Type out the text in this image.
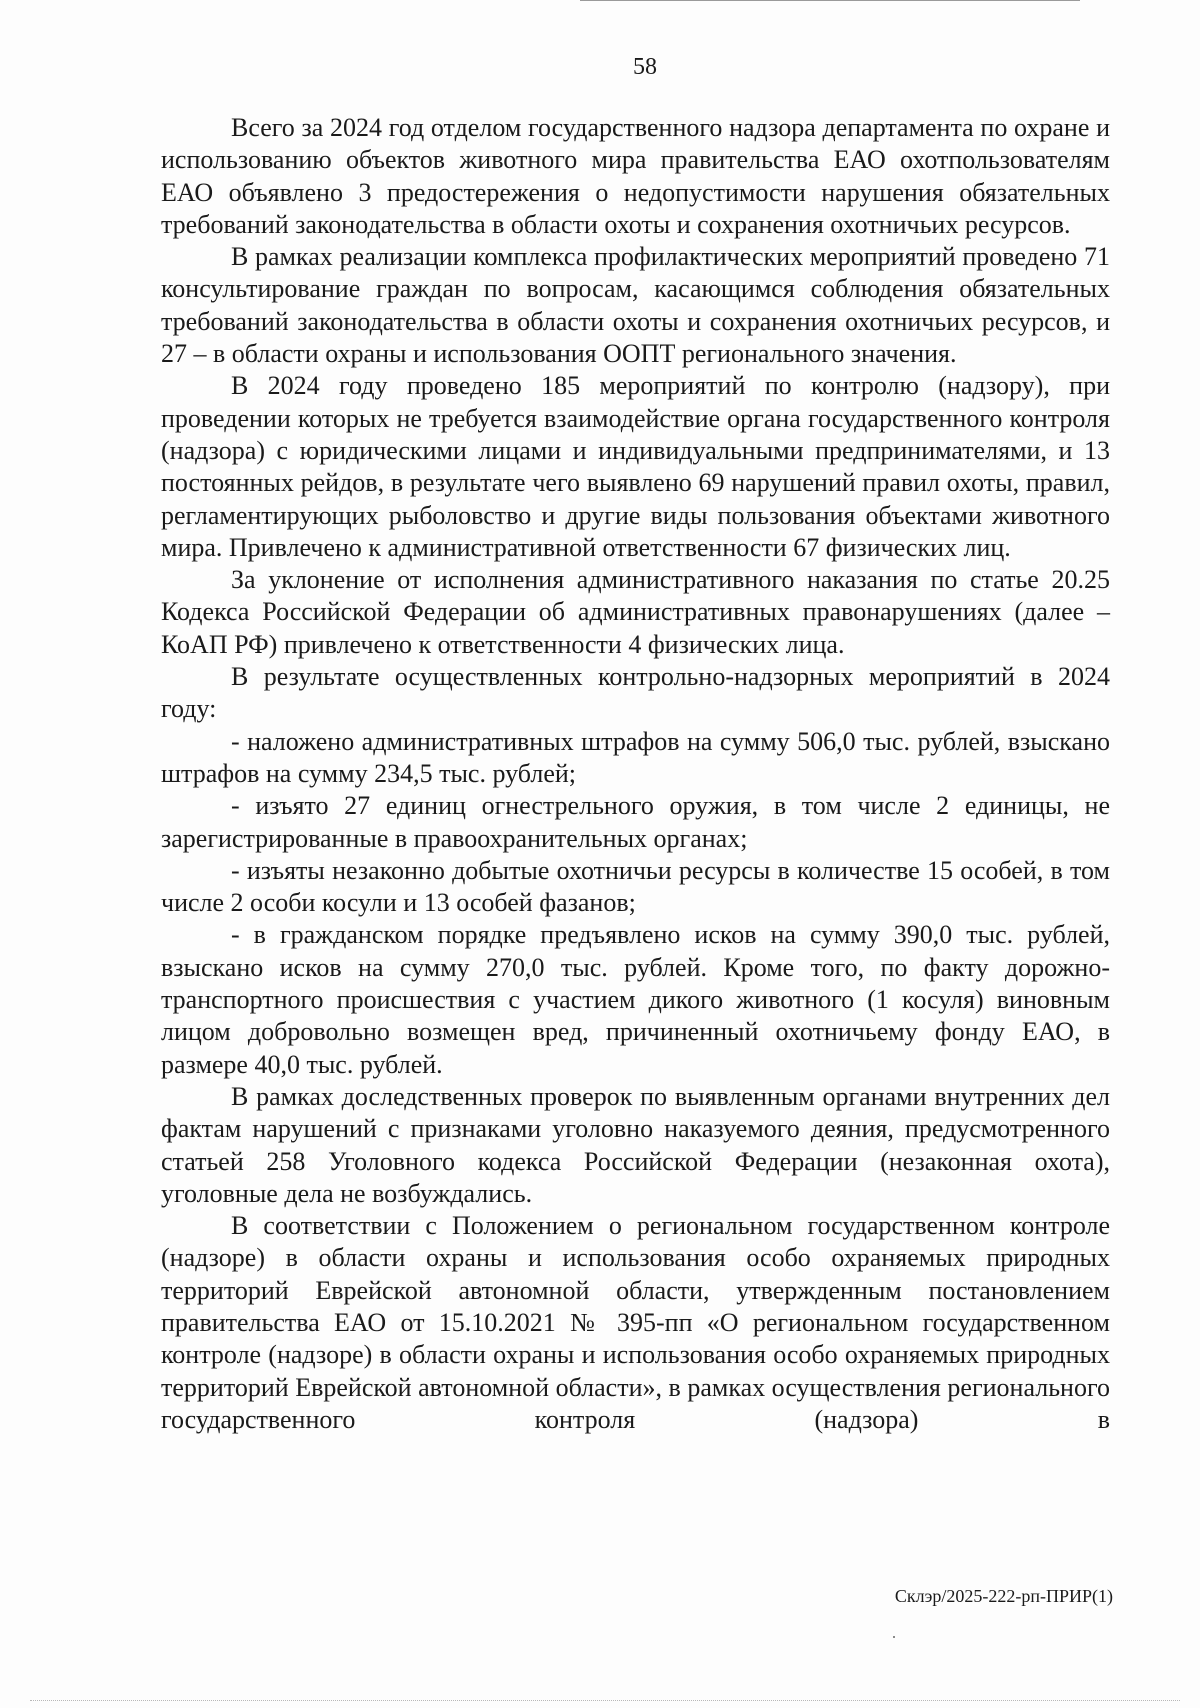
58

Всего за 2024 год отделом государственного надзора департамента по охране и использованию объектов животного мира правительства ЕАО охотпользователям ЕАО объявлено 3 предостережения о недопустимости нарушения обязательных требований законодательства в области охоты и сохранения охотничьих ресурсов.

В рамках реализации комплекса профилактических мероприятий проведено 71 консультирование граждан по вопросам, касающимся соблюдения обязательных требований законодательства в области охоты и сохранения охотничьих ресурсов, и 27 – в области охраны и использования ООПТ регионального значения.

В 2024 году проведено 185 мероприятий по контролю (надзору), при проведении которых не требуется взаимодействие органа государственного контроля (надзора) с юридическими лицами и индивидуальными предпринимателями, и 13 постоянных рейдов, в результате чего выявлено 69 нарушений правил охоты, правил, регламентирующих рыболовство и другие виды пользования объектами животного мира. Привлечено к административной ответственности 67 физических лиц.

За уклонение от исполнения административного наказания по статье 20.25 Кодекса Российской Федерации об административных правонарушениях (далее – КоАП РФ) привлечено к ответственности 4 физических лица.

В результате осуществленных контрольно-надзорных мероприятий в 2024 году:

- наложено административных штрафов на сумму 506,0 тыс. рублей, взыскано штрафов на сумму 234,5 тыс. рублей;

- изъято 27 единиц огнестрельного оружия, в том числе 2 единицы, не зарегистрированные в правоохранительных органах;

- изъяты незаконно добытые охотничьи ресурсы в количестве 15 особей, в том числе 2 особи косули и 13 особей фазанов;

- в гражданском порядке предъявлено исков на сумму 390,0 тыс. рублей, взыскано исков на сумму 270,0 тыс. рублей. Кроме того, по факту дорожно-транспортного происшествия с участием дикого животного (1 косуля) виновным лицом добровольно возмещен вред, причиненный охотничьему фонду ЕАО, в размере 40,0 тыс. рублей.

В рамках доследственных проверок по выявленным органами внутренних дел фактам нарушений с признаками уголовно наказуемого деяния, предусмотренного статьей 258 Уголовного кодекса Российской Федерации (незаконная охота), уголовные дела не возбуждались.

В соответствии с Положением о региональном государственном контроле (надзоре) в области охраны и использования особо охраняемых природных территорий Еврейской автономной области, утвержденным постановлением правительства ЕАО от 15.10.2021 № 395-пп «О региональном государственном контроле (надзоре) в области охраны и использования особо охраняемых природных территорий Еврейской автономной области», в рамках осуществления регионального государственного контроля (надзора) в

Склэр/2025-222-рп-ПРИР(1)
